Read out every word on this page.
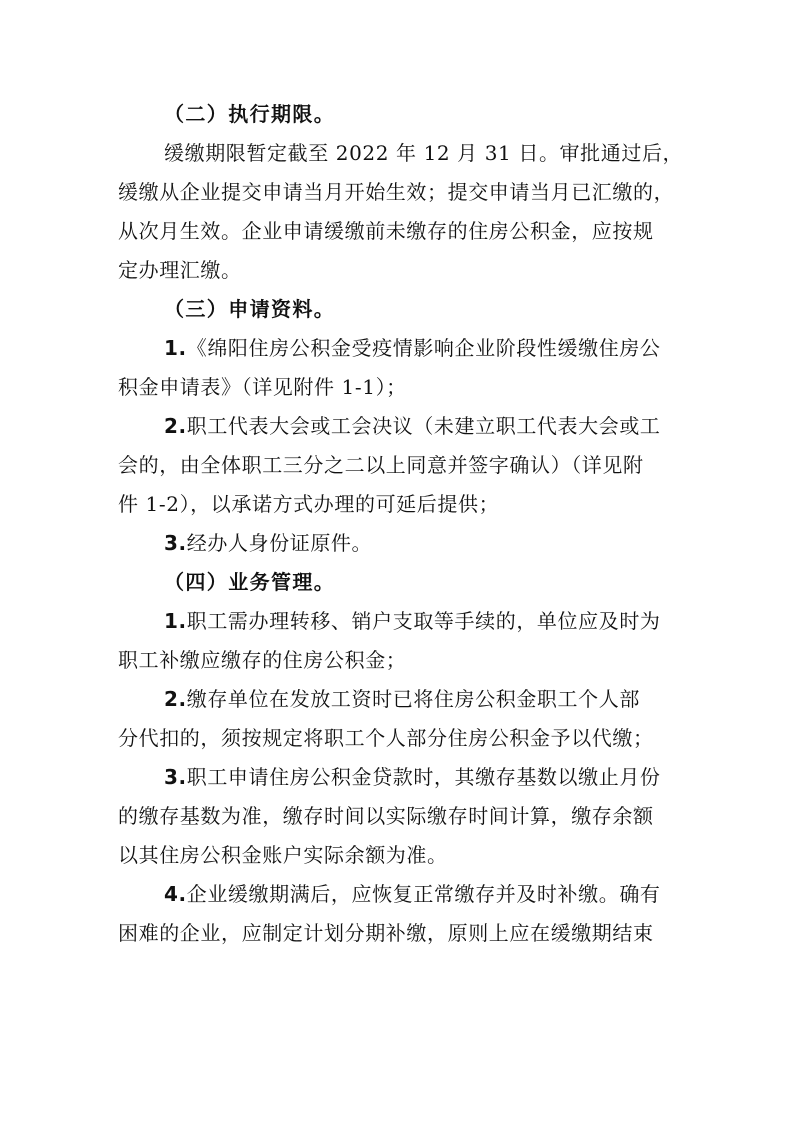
（二）执行期限。

缓缴期限暂定截至 2022 年 12 月 31 日。审批通过后，

缓缴从企业提交申请当月开始生效；提交申请当月已汇缴的，

从次月生效。企业申请缓缴前未缴存的住房公积金，应按规

定办理汇缴。

（三）申请资料。

1.《绵阳住房公积金受疫情影响企业阶段性缓缴住房公

积金申请表》（详见附件 1-1）；

2.职工代表大会或工会决议（未建立职工代表大会或工

会的，由全体职工三分之二以上同意并签字确认）（详见附

件 1-2），以承诺方式办理的可延后提供；

3.经办人身份证原件。

（四）业务管理。

1.职工需办理转移、销户支取等手续的，单位应及时为

职工补缴应缴存的住房公积金；

2.缴存单位在发放工资时已将住房公积金职工个人部

分代扣的，须按规定将职工个人部分住房公积金予以代缴；

3.职工申请住房公积金贷款时，其缴存基数以缴止月份

的缴存基数为准，缴存时间以实际缴存时间计算，缴存余额

以其住房公积金账户实际余额为准。

4.企业缓缴期满后，应恢复正常缴存并及时补缴。确有

困难的企业，应制定计划分期补缴，原则上应在缓缴期结束
